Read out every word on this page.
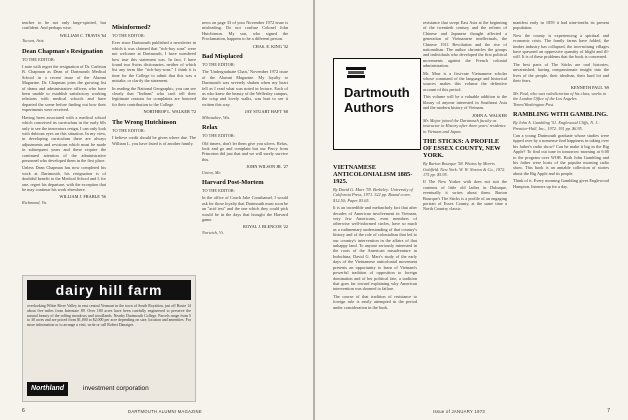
teacher to be not only large-spirited, but confident. And perhaps wise.

WILLIAM C. TRAVIS '64

Tucson, Ariz.

Dean Chapman's Resignation

TO THE EDITOR:

I note with regret the resignation of Dr. Carleton B. Chapman as Dean of Dartmouth Medical School in a recent issue of the Alumni Magazine. Dr. Chapman joins the growing list of deans and administrative officers who have been unable to establish satisfactory working relations with medical schools and have departed the scene before finding out how their experiments were received.

Having been associated with a medical school which conceived its curriculum in the early 60s only to see the innovators resign, I can only look with dubious eyes on this situation. In my view, in developing curriculum there are always adjustments and revisions which must be made in subsequent years and these require the continued attention of the administrative personnel who developed them in the first place.

Unless Dean Chapman has now completed his work at Dartmouth, his resignation is of doubtful benefit to the Medical School and I, for one, regret his departure, with the exception that he may continue his work elsewhere.

WILLIAM J. FRABLE '56

Richmond, Va.

Misinformed?

TO THE EDITOR:

Ever since Dartmouth published a newsletter in which it was claimed that "rich-boy sons" were not welcome at Dartmouth, I have wondered how true this statement was. In fact, I have found two Swiss dictionaries, neither of which list any term like "rich-boy-sons." I think it is time for the College to admit that this was a mistake, or clarify the statement.

In reading the National Geographic, you can see clearly that "Indians" who can't tell their legitimate reasons for complaints are honored for their contribution to the College.

NORTHROP L. WALKER '72

The Wrong Hutchinson

TO THE EDITOR:

I believe credit should be given where due. The William L. you have listed is of another family.

news on page 33 of your November 1972 issue is misleading. Do not confuse Colonel John Hutchinson. My son, who signed the Proclamation, happens to be a different person.

CHAS. E. KING '32

Bad Misplaced

TO THE EDITOR:

The 'Undergraduate Chair,' November 1972 issue of the Alumni Magazine. My loyalty to Dartmouth was severely shaken when my heart fell as I read what was noted in lecture. Each of us who knew the beauty of the Wellesley campus, the crisp and lovely walks, was hurt to see it written this way.

JAY STUART HAFT '68

Milwaukee, Wis.

Relax

TO THE EDITOR:

Old timers, don't let them give you ulcers. Relax, look and go and complain but our Percy from Princeton did just that and we will surely survive this.

JOHN WILSON JR. '27

Union, Me.

Harvard Post-Mortem

TO THE EDITOR:

In the office of Coach Jake Crouthamel, I would ask for those loyalty that Dartmouth must soon be an "acid test" and the one which they could pick would be in the days that brought the Harvard game.

ROYAL J. BLENCOE '22

Norwich, Vt.

dairy hill farm
overlooking White River Valley in east central Vermont in the town of South Royalton, just off Route 14 about five miles from Interstate 89. Over 180 acres have been carefully engineered to preserve the natural beauty of the rolling meadows and woodlands. Nearby Dartmouth College. Parcels range from 5 to 30 acres and are priced from $1,000 to $2,000 per acre depending on size, location and amenities. For more information or to arrange a visit, write or call Robert Danziger.
Northland	investment corporation
6	DARTMOUTH ALUMNI MAGAZINE

VIETNAMESE ANTICOLONIALISM 1885-1925.

By David G. Marr '59. Berkeley: University of California Press, 1971. 322 pp. Bound cover, $12.50; Paper $3.65.

It is an incredible and melancholy fact that after decades of American involvement in Vietnam, very few Americans, even members of otherwise well-informed circles, have so much as a rudimentary understanding of that country's history and of the role of colonialism that led to our country's intervention in the affairs of that unhappy land. To anyone seriously interested in the roots of the American misadventure in Indochina, David G. Marr's study of the early days of the Vietnamese anticolonial movement presents an opportunity to learn of Vietnam's powerful tradition of opposition to foreign domination and of her political fate, a tradition that goes far toward explaining why American intervention was doomed to failure.

The course of that tradition of resistance to foreign rule is easily attempted in the period under consideration in the book.

resistance that swept East Asia at the beginning of the twentieth century and the reform of Chinese and Japanese thought affected a generation of Vietnamese intellectuals, the Chinese 1911 Revolution and the rise of nationalism. The author chronicles the groups and individuals who developed the first political movements against the French colonial administration.

Mr. Marr is a first-rate Vietnamese scholar whose command of the language and historical sources makes this volume the definitive account of this period.

This volume will be a valuable addition to the library of anyone interested in Southeast Asia and the modern history of Vietnam.

JOHN A. WALKER

Mr. Major joined the Dartmouth faculty as instructor in History after three years' residence in Vietnam and Japan.

THE STICKS: A PROFILE OF ESSEX COUNTY, NEW YORK.

By Barton Bourque '58. Photos by Morris Goldfeld. New York: W. W. Norton & Co., 1972. 175 pp. $5.95.

If The New Yorker with does not suit the contents of little old ladies in Dubuque, eventually it writes about them. Barton Bourque's The Sticks is a profile of an engaging portrait of Essex County, at the same time a North Country classic.

manifest early in 1859 it had nine-tenths its present population.

Now the county is experiencing a spiritual and economic crisis. The family farms have folded, the timber industry has collapsed, the iron-mining villages have spawned an oppressive quantity of blight and ill-will. It is of these problems that the book is concerned.

The best parts of The Sticks are oral histories, unvarnished, having compassionate insight into the lives of the people, their idealism, their hard lot and their fears.

KENNETH PAUL '69

Mr. Paul, who was valedictorian of his class, works in the London Office of the Los Angeles Times/Washington Post.

RAMBLING WITH GAMBLING.

By John A. Gambling '51. Englewood Cliffs, N. J.: Prentice-Hall, Inc., 1972. 191 pp. $6.95.

Can a young Dartmouth graduate whose studies were tipped over by a nonsense find happiness in taking over his father's radio show? Can he make it big in the Big Apple? To find out tune in tomorrow morning at 6:00 to the program over WOR. Both John Gambling and his father were hosts of the popular morning radio show. This book is an amiable collection of stories about the Big Apple and its people.

Think of it. Every morning Gambling gives Englewood Hampton, listeners up for a day.

Issue of JANUARY 1973	7
Dartmouth
Authors
